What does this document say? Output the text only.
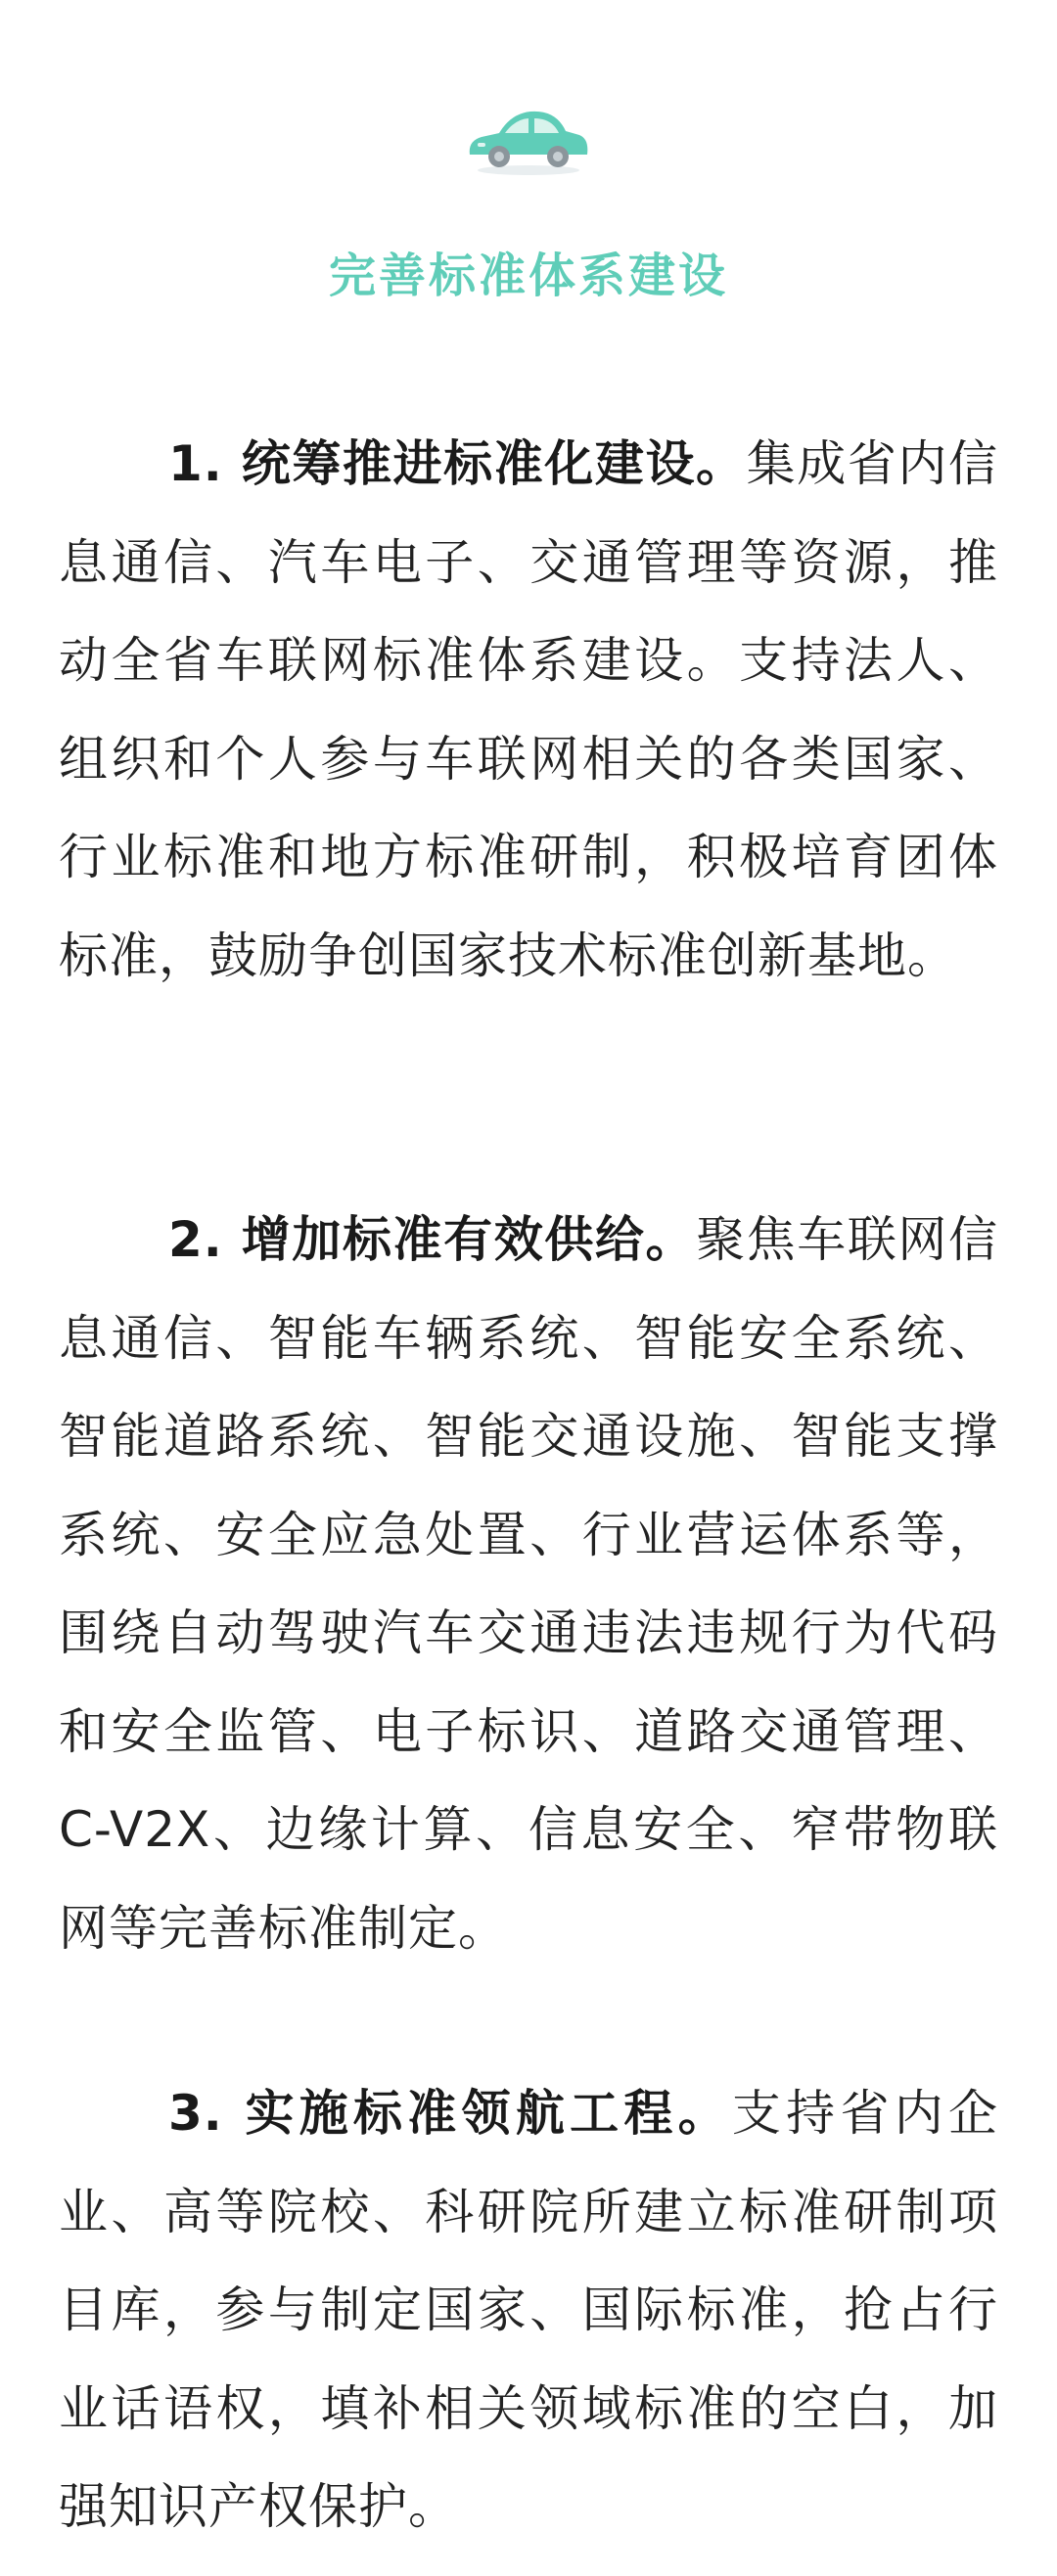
完善标准体系建设

1. 统筹推进标准化建设。集成省内信息通信、汽车电子、交通管理等资源，推动全省车联网标准体系建设。支持法人、组织和个人参与车联网相关的各类国家、行业标准和地方标准研制，积极培育团体标准，鼓励争创国家技术标准创新基地。

2. 增加标准有效供给。聚焦车联网信息通信、智能车辆系统、智能安全系统、智能道路系统、智能交通设施、智能支撑系统、安全应急处置、行业营运体系等，围绕自动驾驶汽车交通违法违规行为代码和安全监管、电子标识、道路交通管理、C-V2X、边缘计算、信息安全、窄带物联网等完善标准制定。

3. 实施标准领航工程。支持省内企业、高等院校、科研院所建立标准研制项目库，参与制定国家、国际标准，抢占行业话语权，填补相关领域标准的空白，加强知识产权保护。
